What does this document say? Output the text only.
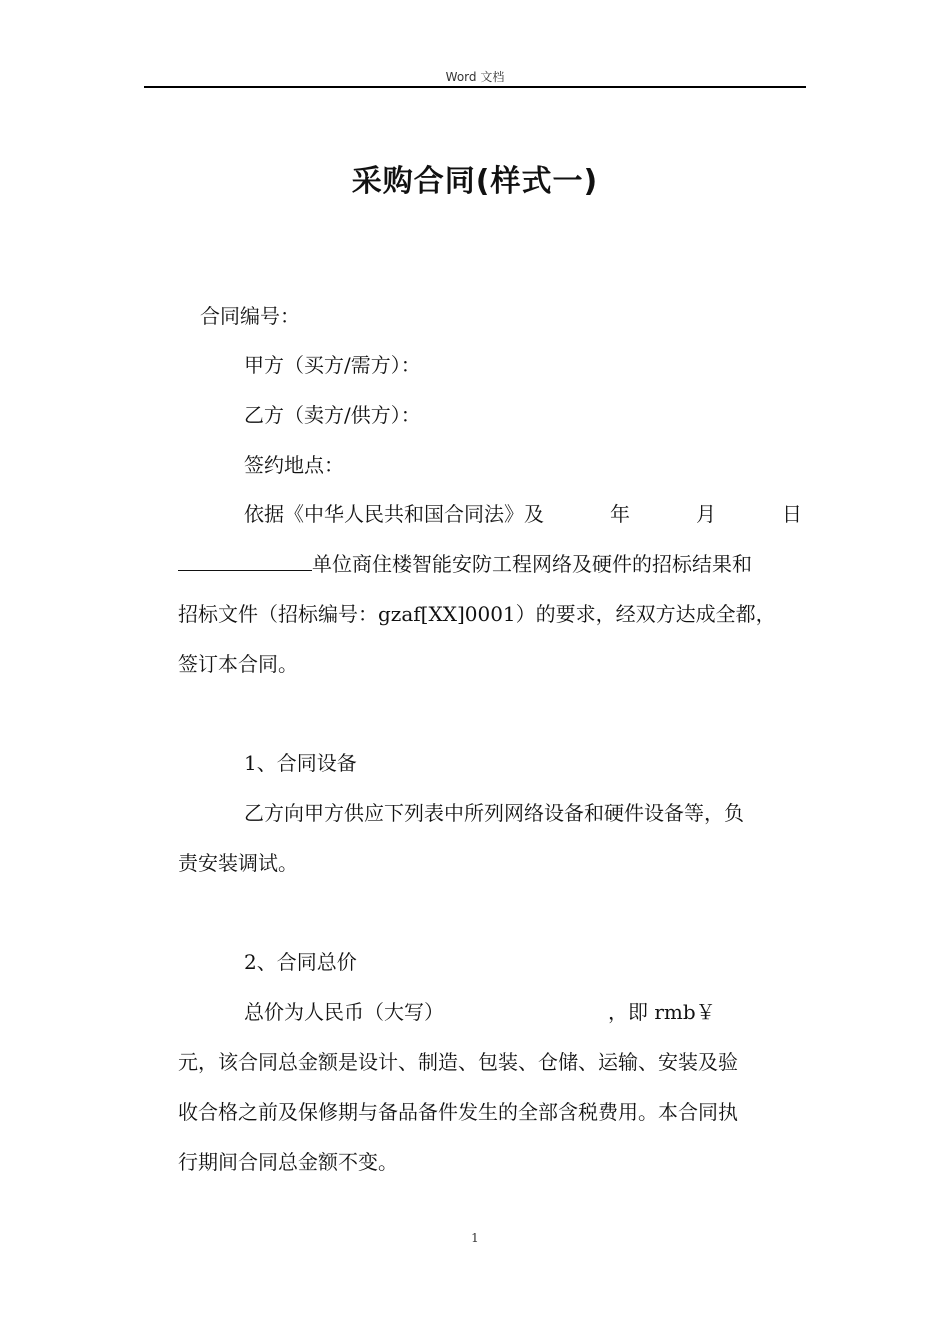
Word 文档
采购合同(样式一)
合同编号：
甲方（买方/需方）：
乙方（卖方/供方）：
签约地点：
依据《中华人民共和国合同法》及	年	月	日
单位商住楼智能安防工程网络及硬件的招标结果和
招标文件（招标编号：gzaf[XX]0001）的要求，经双方达成全都，
签订本合同。
1、合同设备
乙方向甲方供应下列表中所列网络设备和硬件设备等，负
责安装调试。
2、合同总价
总价为人民币（大写）	，即 rmb￥
元，该合同总金额是设计、制造、包装、仓储、运输、安装及验
收合格之前及保修期与备品备件发生的全部含税费用。本合同执
行期间合同总金额不变。
1
